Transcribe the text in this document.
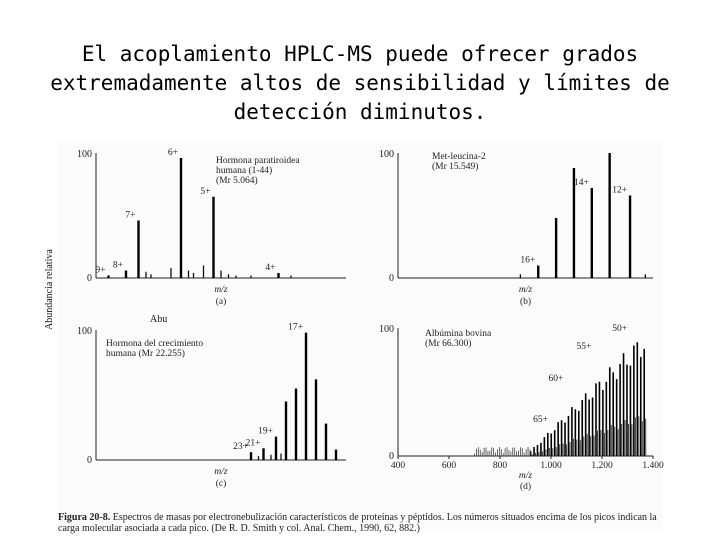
El acoplamiento HPLC-MS puede ofrecer grados
extremadamente altos de sensibilidad y límites de
detección diminutos.
Abundancia relativa	Abu
100
0
Hormona paratiroidea
humana (1-44)
(Mr 5.064)
9+ 8+
7+
6+
5+
4+
m/z
(a)
100
0
Met-leucina-2
(Mr 15.549)
16+
14+
12+
m/z
(b)
100
0
Hormona del crecimiento
humana (Mr 22.255)
23+
21+
19+
17+
m/z
(c)
100
0
Albúmina bovina
(Mr 66.300)
50+
55+
60+
65+
400	600	800	1.000	1.200	1.400
m/z
(d)
Figura 20-8. Espectros de masas por electronebulización característicos de proteínas y péptidos. Los números situados encima de los picos indican la carga molecular asociada a cada pico. (De R. D. Smith y col. Anal. Chem., 1990, 62, 882.)
